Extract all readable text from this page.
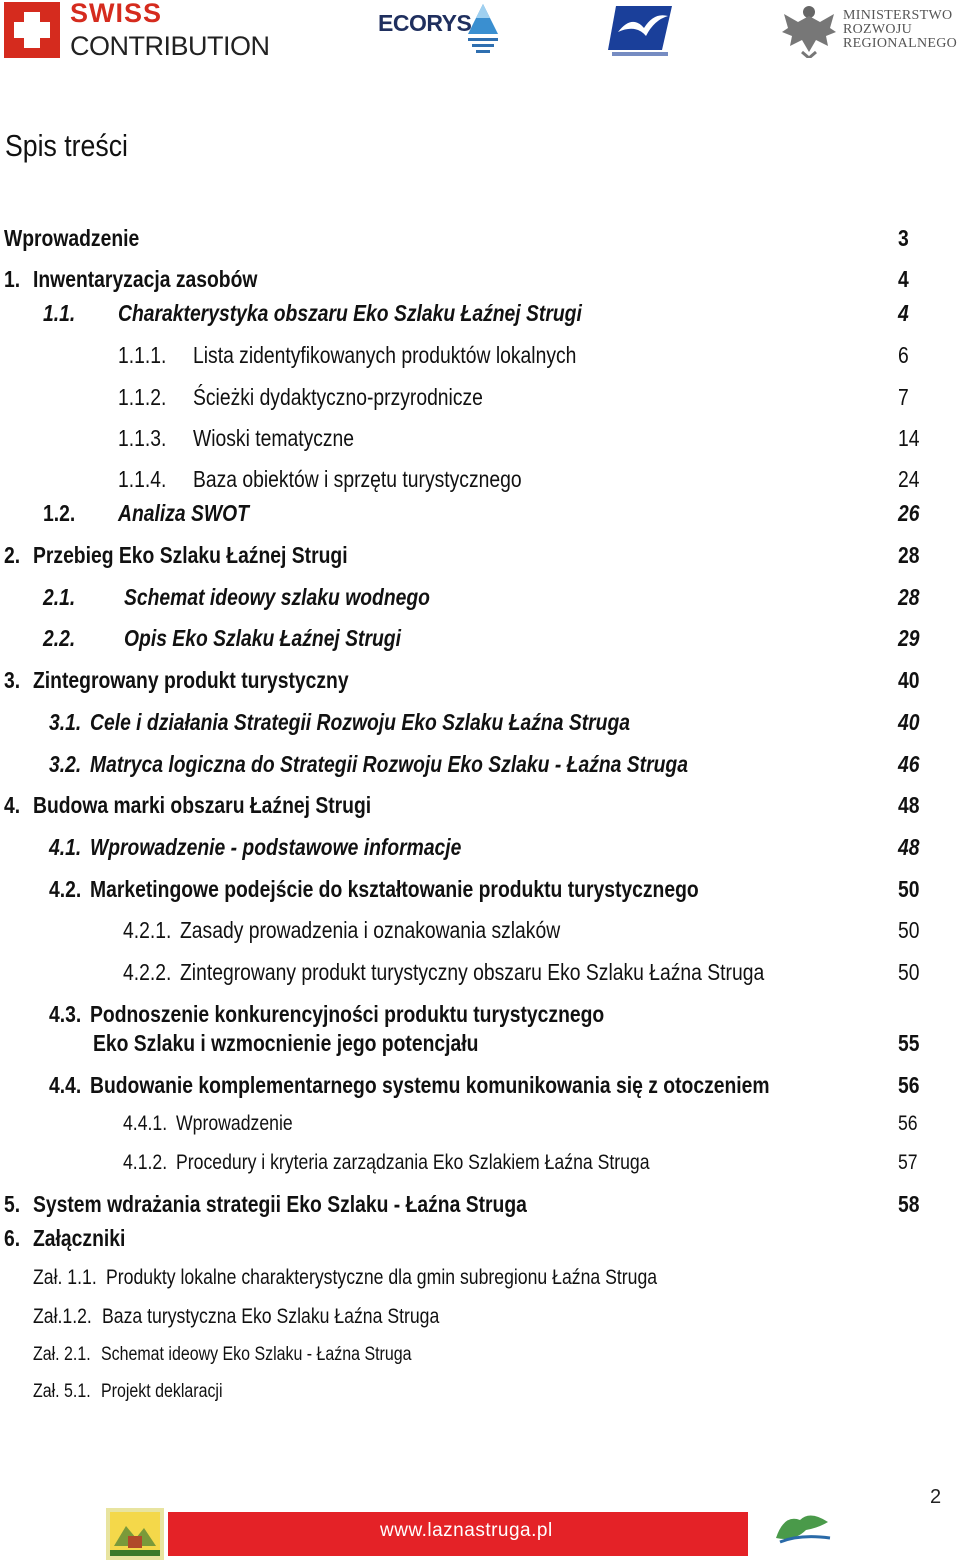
SWISS
CONTRIBUTION
ECORYS	MINISTERSTWO
ROZWOJU
REGIONALNEGO
Spis treści
Wprowadzenie	3
1. Inwentaryzacja zasobów	4
1.1. Charakterystyka obszaru Eko Szlaku Łaźnej Strugi	4
1.1.1. Lista zidentyfikowanych produktów lokalnych	6
1.1.2. Ścieżki dydaktyczno-przyrodnicze	7
1.1.3. Wioski tematyczne	14
1.1.4. Baza obiektów i sprzętu turystycznego	24
1.2. Analiza SWOT	26
2. Przebieg Eko Szlaku Łaźnej Strugi	28
2.1. Schemat ideowy szlaku wodnego	28
2.2. Opis Eko Szlaku Łaźnej Strugi	29
3. Zintegrowany produkt turystyczny	40
3.1. Cele i działania Strategii Rozwoju Eko Szlaku Łaźna Struga	40
3.2. Matryca logiczna do Strategii Rozwoju Eko Szlaku - Łaźna Struga	46
4. Budowa marki obszaru Łaźnej Strugi	48
4.1. Wprowadzenie - podstawowe informacje	48
4.2. Marketingowe podejście do kształtowanie produktu turystycznego	50
4.2.1. Zasady prowadzenia i oznakowania szlaków	50
4.2.2. Zintegrowany produkt turystyczny obszaru Eko Szlaku Łaźna Struga	50
4.3. Podnoszenie konkurencyjności produktu turystycznego
Eko Szlaku i wzmocnienie jego potencjału	55
4.4. Budowanie komplementarnego systemu komunikowania się z otoczeniem	56
4.4.1. Wprowadzenie	56
4.1.2. Procedury i kryteria zarządzania Eko Szlakiem Łaźna Struga	57
5. System wdrażania strategii Eko Szlaku - Łaźna Struga	58
6. Załączniki
Zał. 1.1. Produkty lokalne charakterystyczne dla gmin subregionu Łaźna Struga
Zał.1.2. Baza turystyczna Eko Szlaku Łaźna Struga
Zał. 2.1. Schemat ideowy Eko Szlaku - Łaźna Struga
Zał. 5.1. Projekt deklaracji
2
www.laznastruga.pl
